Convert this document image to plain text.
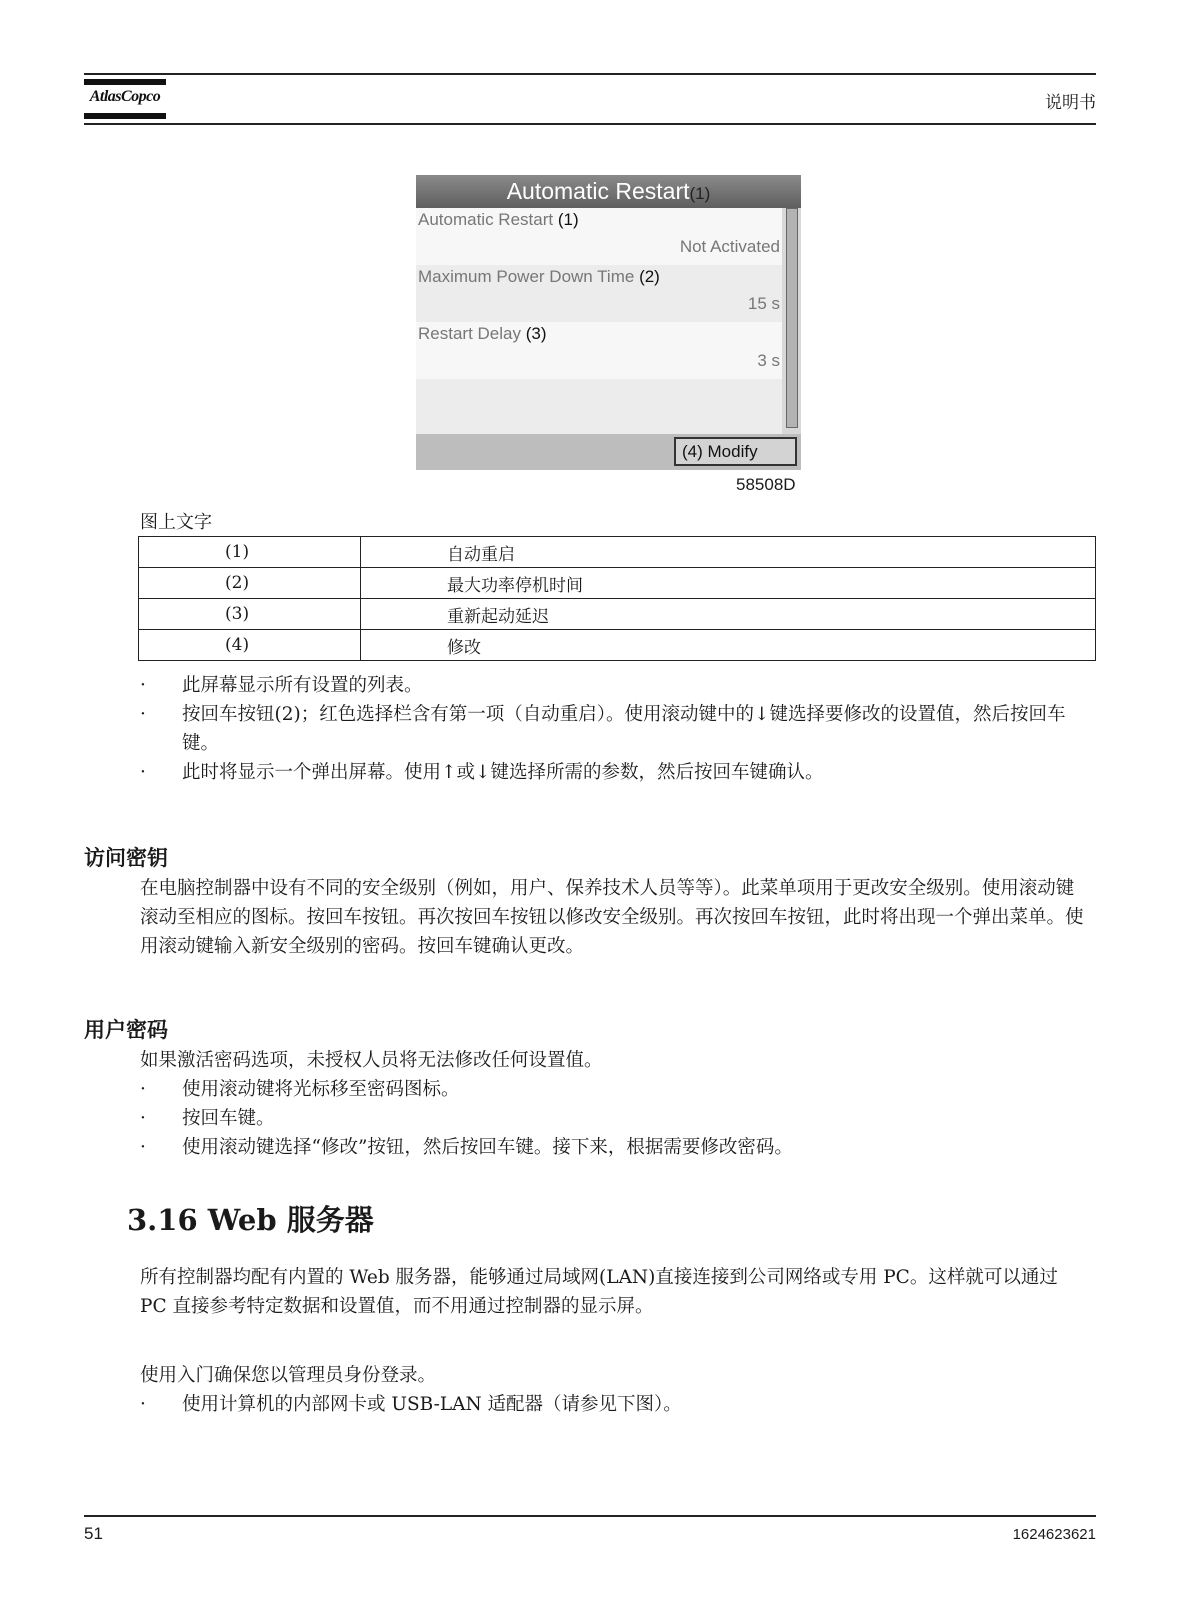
AtlasCopco	说明书
Automatic Restart(1)
Automatic Restart (1)
Not Activated
Maximum Power Down Time (2)
15 s
Restart Delay (3)
3 s
(4) Modify
58508D
图上文字
(1)	自动重启
(2)	最大功率停机时间
(3)	重新起动延迟
(4)	修改
· 此屏幕显示所有设置的列表。
· 按回车按钮(2)；红色选择栏含有第一项（自动重启）。使用滚动键中的↓键选择要修改的设置值，然后按回车键。
· 此时将显示一个弹出屏幕。使用↑或↓键选择所需的参数，然后按回车键确认。
访问密钥
在电脑控制器中设有不同的安全级别（例如，用户、保养技术人员等等）。此菜单项用于更改安全级别。使用滚动键滚动至相应的图标。按回车按钮。再次按回车按钮以修改安全级别。再次按回车按钮，此时将出现一个弹出菜单。使用滚动键输入新安全级别的密码。按回车键确认更改。
用户密码
如果激活密码选项，未授权人员将无法修改任何设置值。
· 使用滚动键将光标移至密码图标。
· 按回车键。
· 使用滚动键选择“修改”按钮，然后按回车键。接下来，根据需要修改密码。
3.16 Web 服务器
所有控制器均配有内置的 Web 服务器，能够通过局域网(LAN)直接连接到公司网络或专用 PC。这样就可以通过 PC 直接参考特定数据和设置值，而不用通过控制器的显示屏。
使用入门确保您以管理员身份登录。
· 使用计算机的内部网卡或 USB-LAN 适配器（请参见下图）。
51	1624623621
